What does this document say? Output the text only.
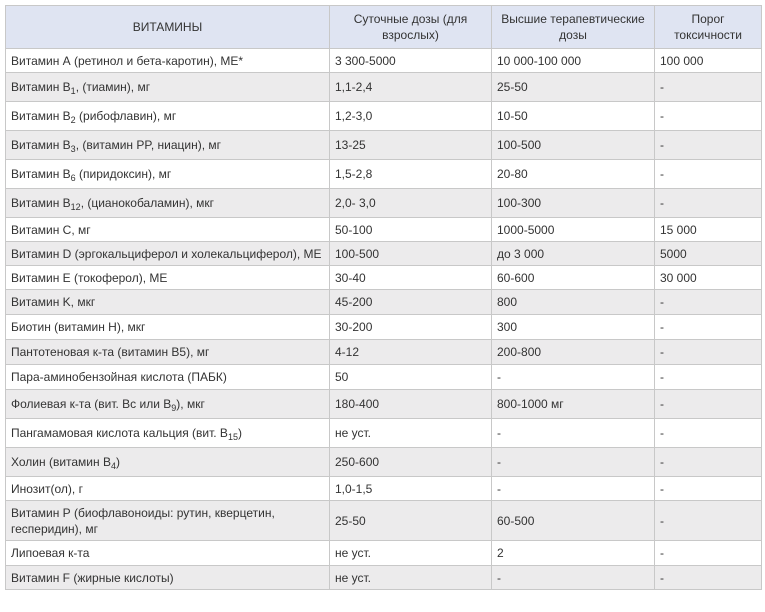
ВИТАМИНЫ	Суточные дозы (для взрослых)	Высшие терапевтические дозы	Порог токсичности
Витамин А (ретинол и бета-каротин), МЕ*	3 300-5000	10 000-100 000	100 000
Витамин $B_1$, (тиамин), мг	1,1-2,4	25-50	-
Витамин $B_2$ (рибофлавин), мг	1,2-3,0	10-50	-
Витамин $B_3$, (витамин PP, ниацин), мг	13-25	100-500	-
Витамин $B_6$ (пиридоксин), мг	1,5-2,8	20-80	-
Витамин $B_{12}$, (цианокобаламин), мкг	2,0- 3,0	100-300	-
Витамин C, мг	50-100	1000-5000	15 000
Витамин D (эргокальциферол и холекальциферол), МЕ	100-500	до 3 000	5000
Витамин E (токоферол), МЕ	30-40	60-600	30 000
Витамин K, мкг	45-200	800	-
Биотин (витамин Н), мкг	30-200	300	-
Пантотеновая к-та (витамин B5), мг	4-12	200-800	-
Пара-аминобензойная кислота (ПАБК)	50	-	-
Фолиевая к-та (вит. Bc или $B_9$), мкг	180-400	800-1000 мг	-
Пангамамовая кислота кальция (вит. $B_{15}$)	не уст.	-	-
Холин (витамин $B_4$)	250-600	-	-
Инозит(ол), г	1,0-1,5	-	-
Витамин Р (биофлавоноиды: рутин, кверцетин, гесперидин), мг	25-50	60-500	-
Липоевая к-та	не уст.	2	-
Витамин F (жирные кислоты)	не уст.	-	-
